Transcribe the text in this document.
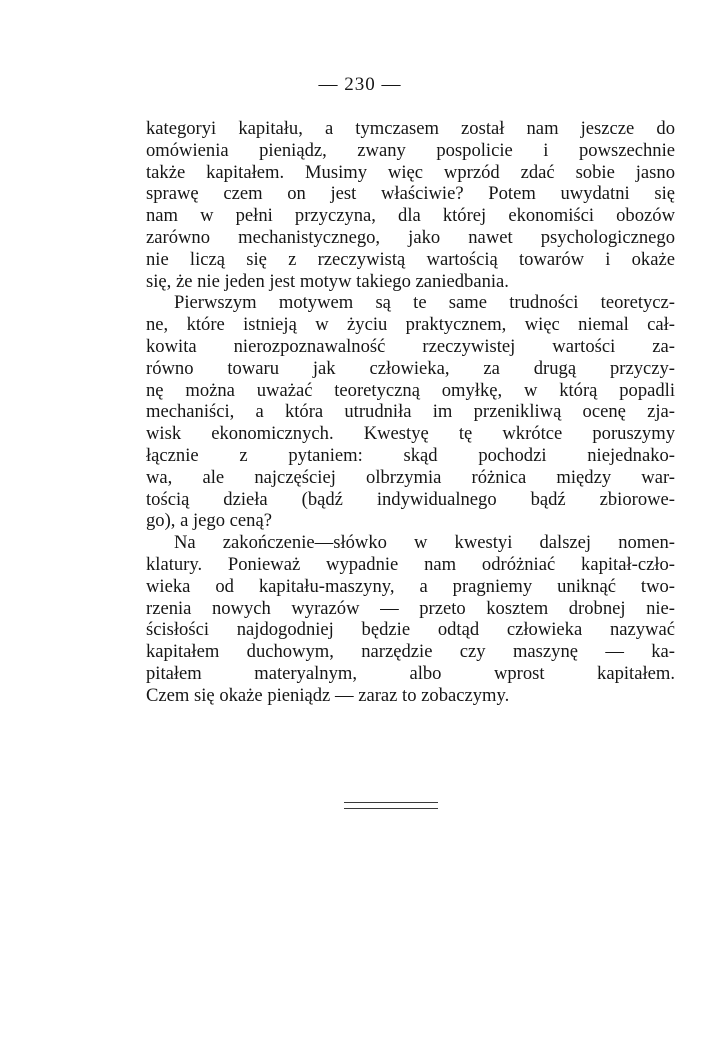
— 230 —
kategoryi kapitału, a tymczasem został nam jeszcze do
omówienia pieniądz, zwany pospolicie i powszechnie
także kapitałem. Musimy więc wprzód zdać sobie jasno
sprawę czem on jest właściwie? Potem uwydatni się
nam w pełni przyczyna, dla której ekonomiści obozów
zarówno mechanistycznego, jako nawet psychologicznego
nie liczą się z rzeczywistą wartością towarów i okaże
się, że nie jeden jest motyw takiego zaniedbania.
Pierwszym motywem są te same trudności teoretycz-
ne, które istnieją w życiu praktycznem, więc niemal cał-
kowita nierozpoznawalność rzeczywistej wartości za-
równo towaru jak człowieka, za drugą przyczy-
nę można uważać teoretyczną omyłkę, w którą popadli
mechaniści, a która utrudniła im przenikliwą ocenę zja-
wisk ekonomicznych. Kwestyę tę wkrótce poruszymy
łącznie z pytaniem: skąd pochodzi niejednako-
wa, ale najczęściej olbrzymia różnica między war-
tością dzieła (bądź indywidualnego bądź zbiorowe-
go), a jego ceną?
Na zakończenie—słówko w kwestyi dalszej nomen-
klatury. Ponieważ wypadnie nam odróżniać kapitał-czło-
wieka od kapitału-maszyny, a pragniemy uniknąć two-
rzenia nowych wyrazów — przeto kosztem drobnej nie-
ścisłości najdogodniej będzie odtąd człowieka nazywać
kapitałem duchowym, narzędzie czy maszynę — ka-
pitałem materyalnym, albo wprost kapitałem.
Czem się okaże pieniądz — zaraz to zobaczymy.
